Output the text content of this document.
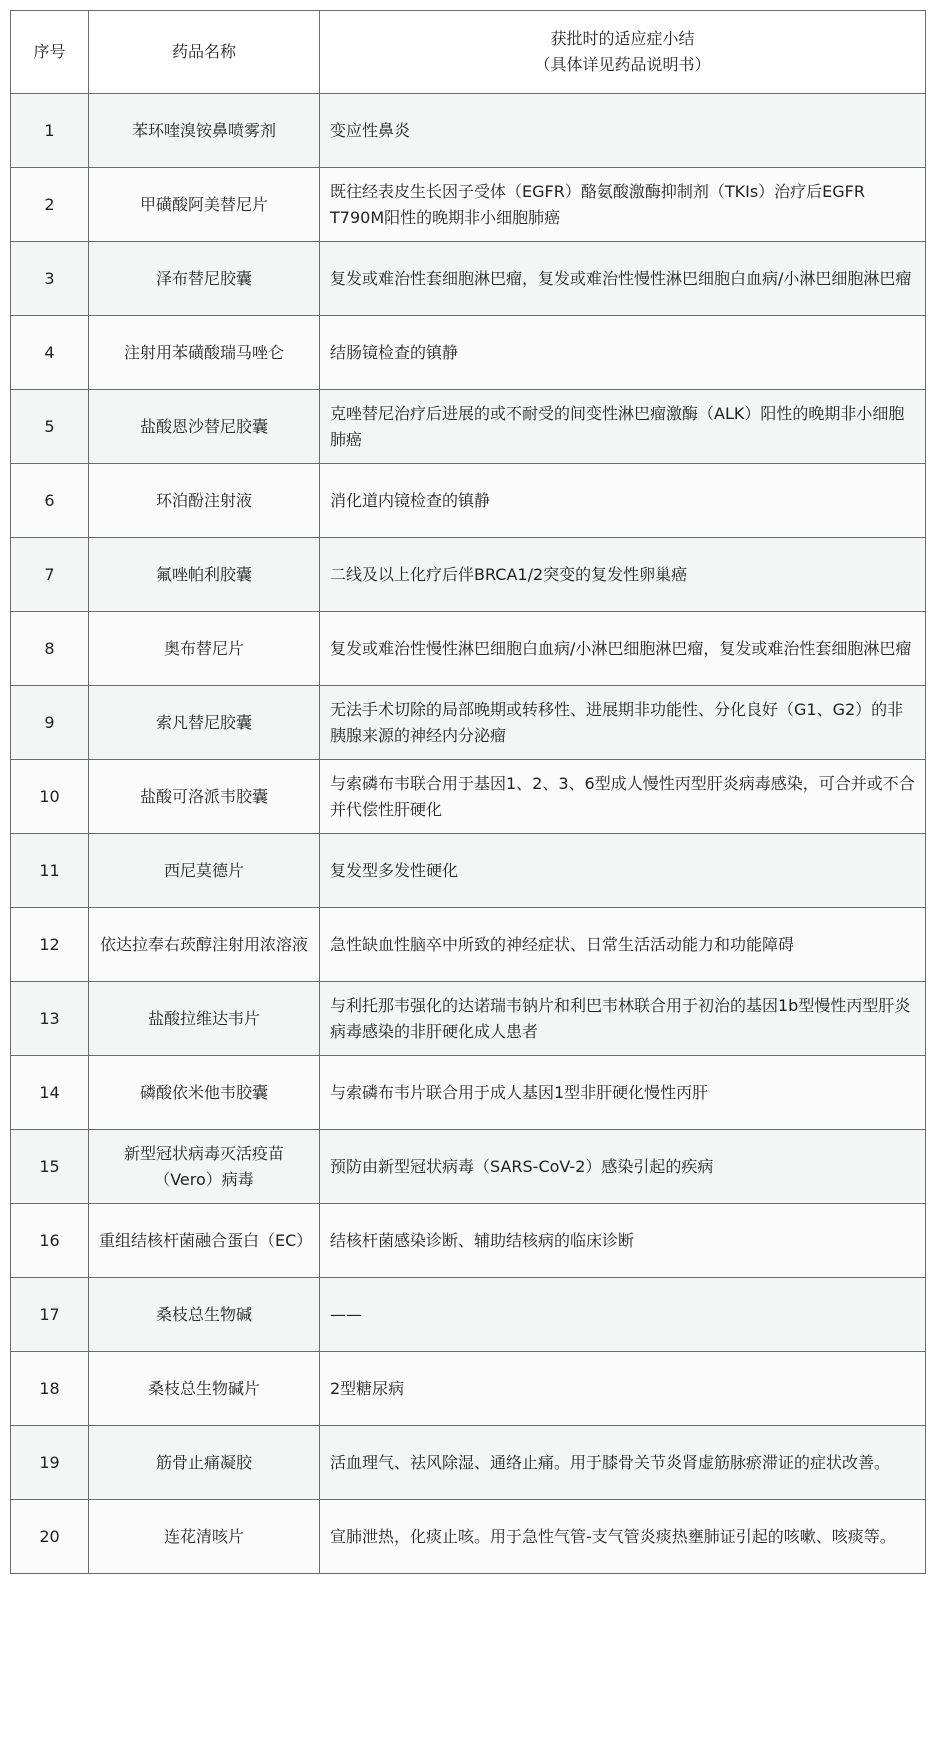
序号	药品名称	获批时的适应症小结
（具体详见药品说明书）

1	苯环喹溴铵鼻喷雾剂	变应性鼻炎
2	甲磺酸阿美替尼片	既往经表皮生长因子受体（EGFR）酪氨酸激酶抑制剂（TKIs）治疗后EGFR T790M阳性的晚期非小细胞肺癌
3	泽布替尼胶囊	复发或难治性套细胞淋巴瘤，复发或难治性慢性淋巴细胞白血病/小淋巴细胞淋巴瘤
4	注射用苯磺酸瑞马唑仑	结肠镜检查的镇静
5	盐酸恩沙替尼胶囊	克唑替尼治疗后进展的或不耐受的间变性淋巴瘤激酶（ALK）阳性的晚期非小细胞肺癌
6	环泊酚注射液	消化道内镜检查的镇静
7	氟唑帕利胶囊	二线及以上化疗后伴BRCA1/2突变的复发性卵巢癌
8	奥布替尼片	复发或难治性慢性淋巴细胞白血病/小淋巴细胞淋巴瘤，复发或难治性套细胞淋巴瘤
9	索凡替尼胶囊	无法手术切除的局部晚期或转移性、进展期非功能性、分化良好（G1、G2）的非胰腺来源的神经内分泌瘤
10	盐酸可洛派韦胶囊	与索磷布韦联合用于基因1、2、3、6型成人慢性丙型肝炎病毒感染，可合并或不合并代偿性肝硬化
11	西尼莫德片	复发型多发性硬化
12	依达拉奉右莰醇注射用浓溶液	急性缺血性脑卒中所致的神经症状、日常生活活动能力和功能障碍
13	盐酸拉维达韦片	与利托那韦强化的达诺瑞韦钠片和利巴韦林联合用于初治的基因1b型慢性丙型肝炎病毒感染的非肝硬化成人患者
14	磷酸依米他韦胶囊	与索磷布韦片联合用于成人基因1型非肝硬化慢性丙肝
15	新型冠状病毒灭活疫苗（Vero）病毒	预防由新型冠状病毒（SARS-CoV-2）感染引起的疾病
16	重组结核杆菌融合蛋白（EC）	结核杆菌感染诊断、辅助结核病的临床诊断
17	桑枝总生物碱	——
18	桑枝总生物碱片	2型糖尿病
19	筋骨止痛凝胶	活血理气、祛风除湿、通络止痛。用于膝骨关节炎肾虚筋脉瘀滞证的症状改善。
20	连花清咳片	宣肺泄热，化痰止咳。用于急性气管-支气管炎痰热壅肺证引起的咳嗽、咳痰等。
